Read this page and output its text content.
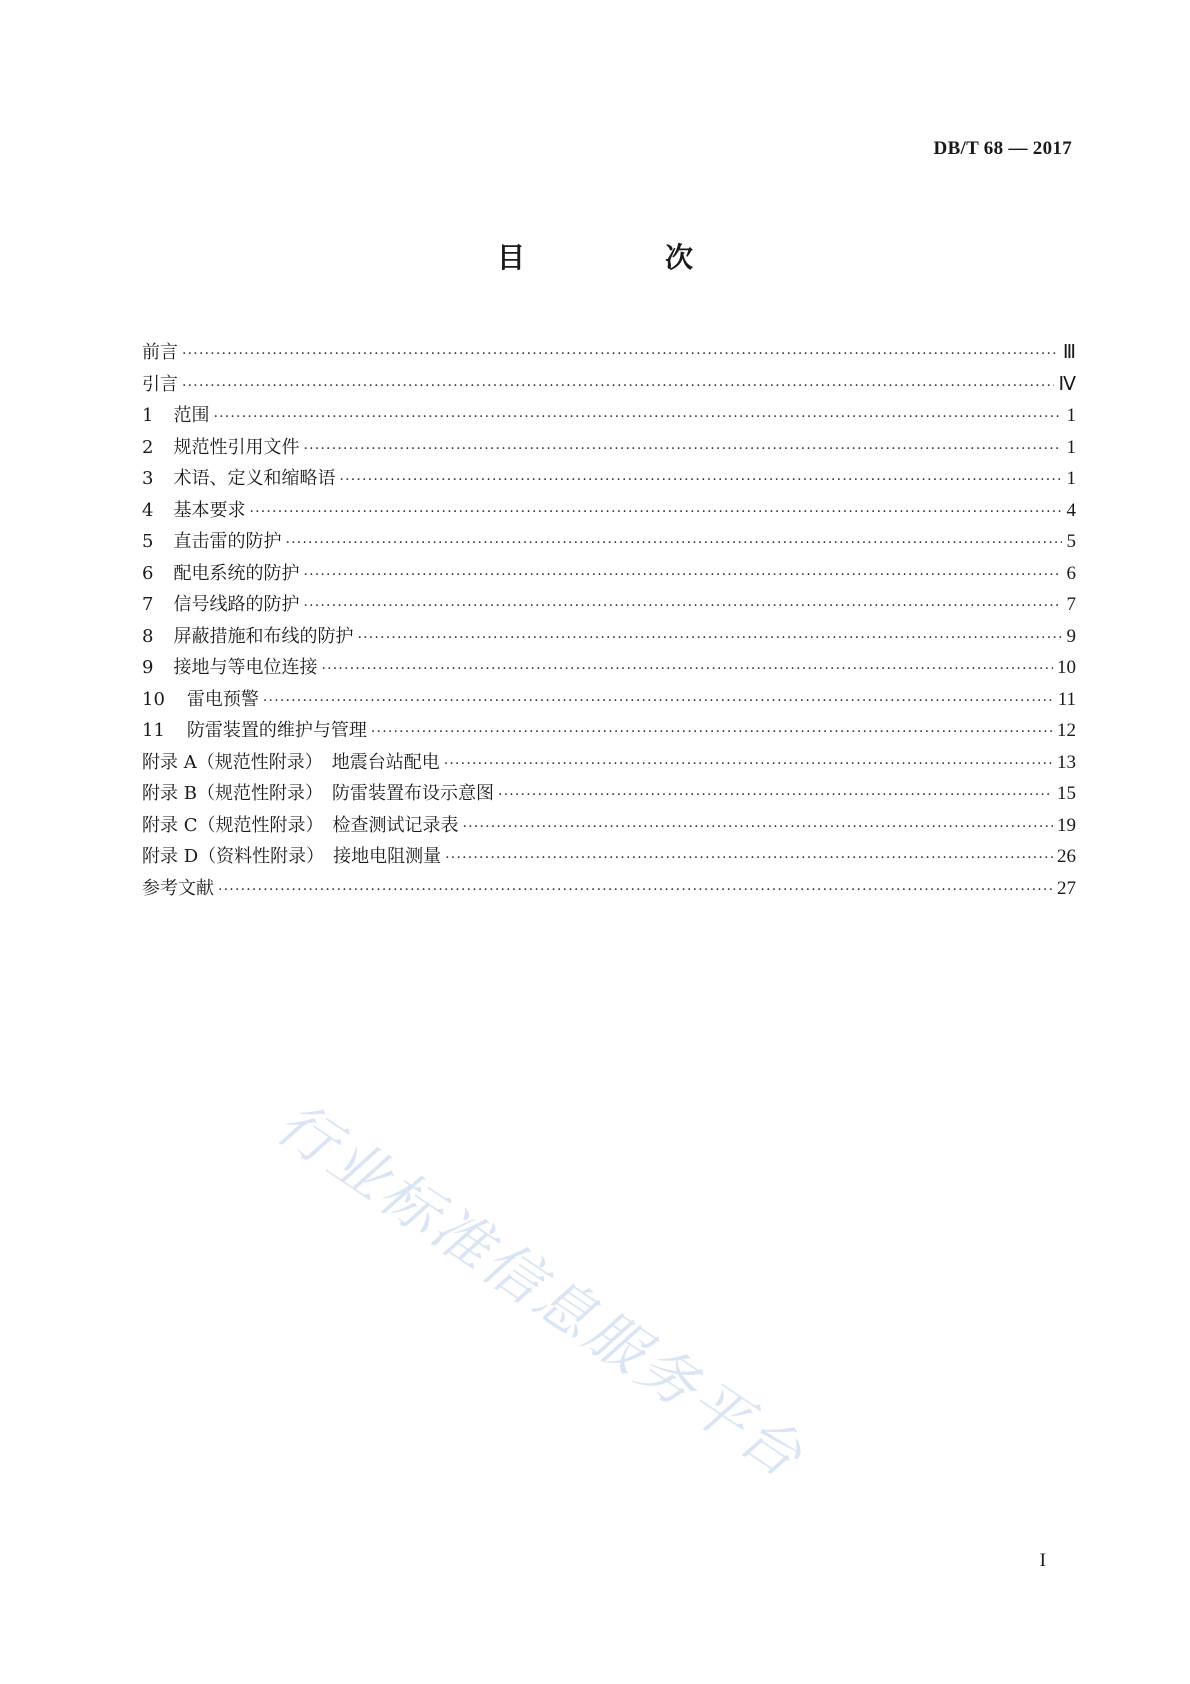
DB/T 68 — 2017
目　次
前言 ·····	Ⅲ
引言 ·····	Ⅳ
1 范围 ·····	1
2 规范性引用文件 ·····	1
3 术语、定义和缩略语 ·····	1
4 基本要求 ·····	4
5 直击雷的防护 ·····	5
6 配电系统的防护 ·····	6
7 信号线路的防护 ·····	7
8 屏蔽措施和布线的防护 ·····	9
9 接地与等电位连接 ·····	10
10 雷电预警 ·····	11
11 防雷装置的维护与管理 ·····	12
附录 A（规范性附录）　地震台站配电 ·····	13
附录 B（规范性附录）　防雷装置布设示意图 ·····	15
附录 C（规范性附录）　检查测试记录表 ·····	19
附录 D（资料性附录）　接地电阻测量 ·····	26
参考文献 ·····	27
行业标准信息服务平台
I
